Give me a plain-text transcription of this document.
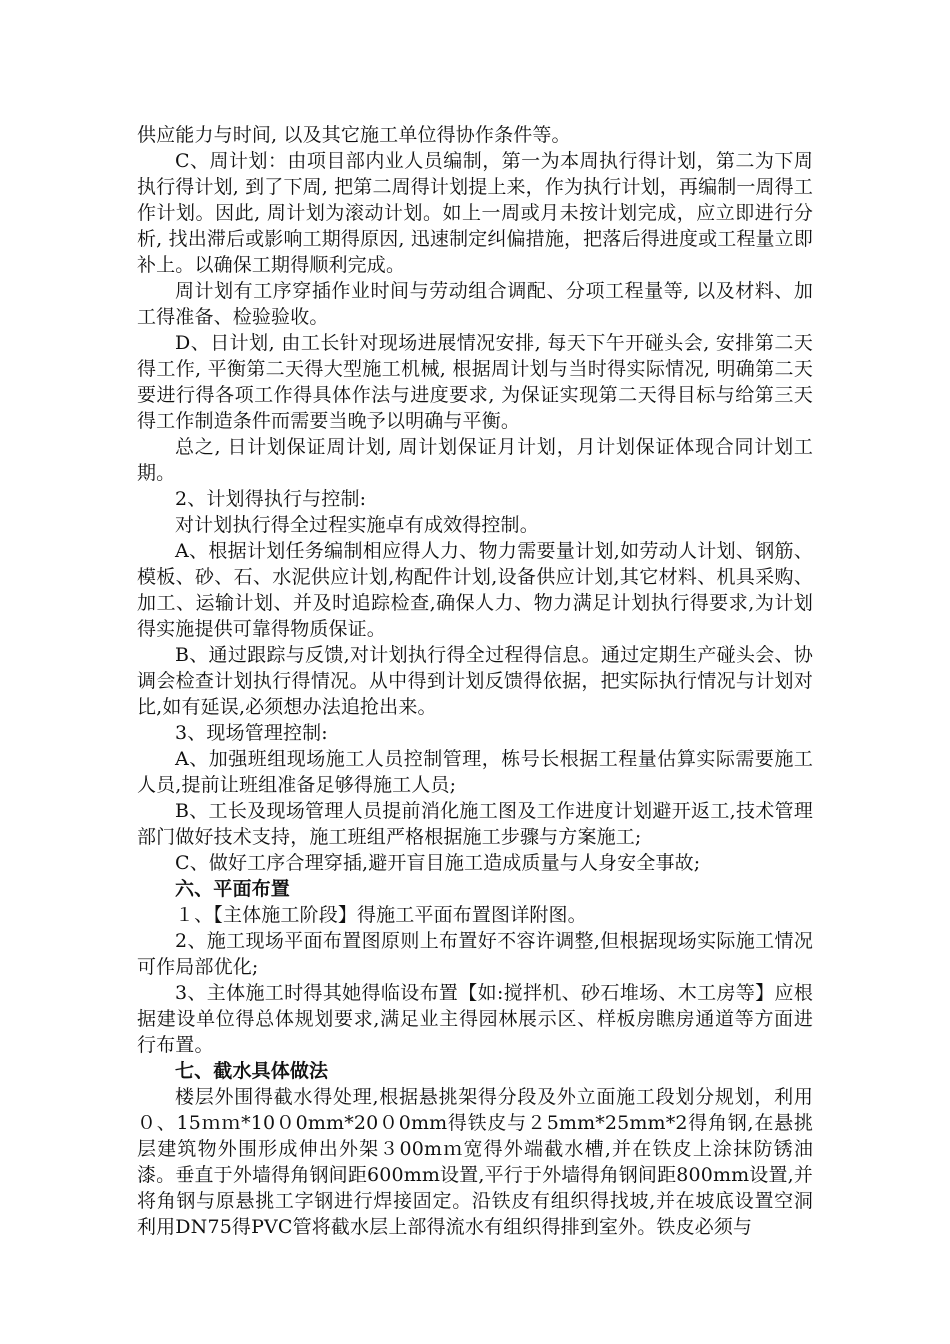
供应能力与时间, 以及其它施工单位得协作条件等。

C、周计划：由项目部内业人员编制，第一为本周执行得计划，第二为下周执行得计划, 到了下周, 把第二周得计划提上来，作为执行计划，再编制一周得工作计划。因此, 周计划为滚动计划。如上一周或月未按计划完成，应立即进行分析, 找出滞后或影响工期得原因, 迅速制定纠偏措施，把落后得进度或工程量立即补上。以确保工期得顺利完成。

周计划有工序穿插作业时间与劳动组合调配、分项工程量等, 以及材料、加工得准备、检验验收。

D、日计划, 由工长针对现场进展情况安排, 每天下午开碰头会, 安排第二天得工作, 平衡第二天得大型施工机械, 根据周计划与当时得实际情况, 明确第二天要进行得各项工作得具体作法与进度要求, 为保证实现第二天得目标与给第三天得工作制造条件而需要当晚予以明确与平衡。

总之, 日计划保证周计划, 周计划保证月计划，月计划保证体现合同计划工期。

2、计划得执行与控制:

对计划执行得全过程实施卓有成效得控制。

A、根据计划任务编制相应得人力、物力需要量计划,如劳动人计划、钢筋、模板、砂、石、水泥供应计划,构配件计划,设备供应计划,其它材料、机具采购、加工、运输计划、并及时追踪检查,确保人力、物力满足计划执行得要求,为计划得实施提供可靠得物质保证。

B、通过跟踪与反馈,对计划执行得全过程得信息。通过定期生产碰头会、协调会检查计划执行得情况。从中得到计划反馈得依据，把实际执行情况与计划对比,如有延误,必须想办法追抢出来。

3、现场管理控制:

A、加强班组现场施工人员控制管理，栋号长根据工程量估算实际需要施工人员,提前让班组准备足够得施工人员;

B、工长及现场管理人员提前消化施工图及工作进度计划避开返工,技术管理部门做好技术支持，施工班组严格根据施工步骤与方案施工;

C、做好工序合理穿插,避开盲目施工造成质量与人身安全事故;

六、平面布置

１、【主体施工阶段】得施工平面布置图详附图。

2、施工现场平面布置图原则上布置好不容许调整,但根据现场实际施工情况可作局部优化;

3、主体施工时得其她得临设布置【如:搅拌机、砂石堆场、木工房等】应根据建设单位得总体规划要求,满足业主得园林展示区、样板房瞧房通道等方面进行布置。

七、截水具体做法

楼层外围得截水得处理,根据悬挑架得分段及外立面施工段划分规划，利用０、15ｍｍ*10０0mm*20０0mm得铁皮与２5mm*25mm*2得角钢,在悬挑层建筑物外围形成伸出外架３00mｍ宽得外端截水槽,并在铁皮上涂抹防锈油漆。垂直于外墙得角钢间距600mm设置,平行于外墙得角钢间距800mm设置,并将角钢与原悬挑工字钢进行焊接固定。沿铁皮有组织得找坡,并在坡底设置空洞利用DN75得PVC管将截水层上部得流水有组织得排到室外。铁皮必须与
